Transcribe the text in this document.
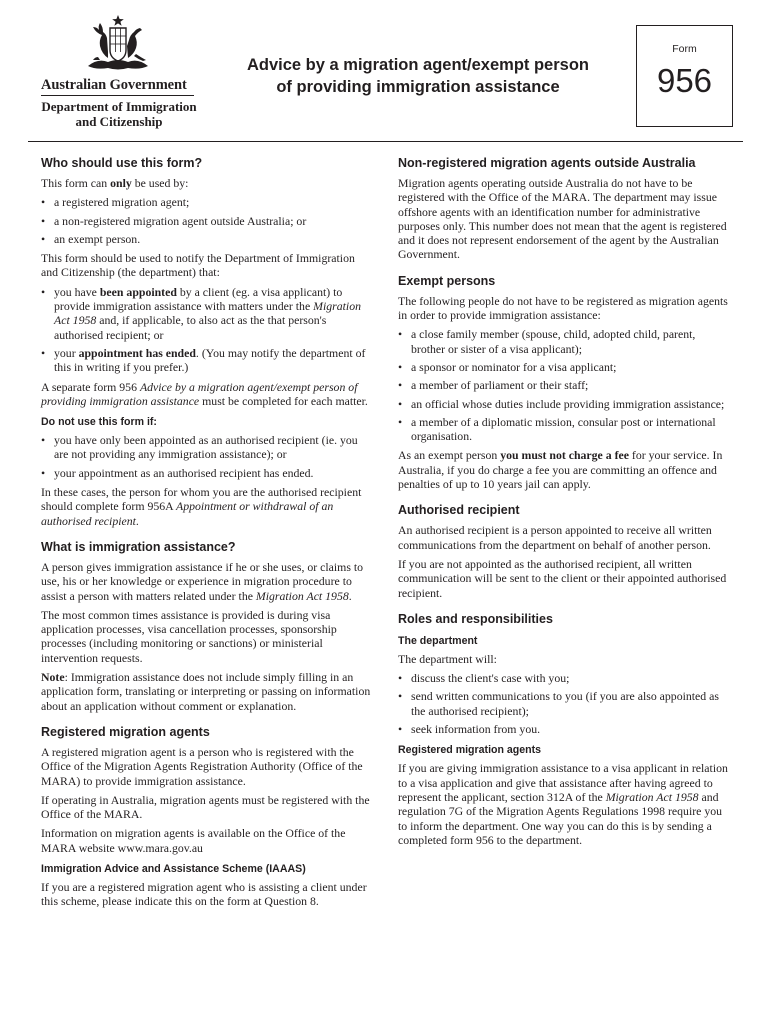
Australian Government
Department of Immigration
and Citizenship
Advice by a migration agent/exempt person
of providing immigration assistance
Form
956
Who should use this form?

This form can only be used by:

• a registered migration agent;
• a non-registered migration agent outside Australia; or
• an exempt person.

This form should be used to notify the Department of Immigration and Citizenship (the department) that:

• you have been appointed by a client (eg. a visa applicant) to provide immigration assistance with matters under the Migration Act 1958 and, if applicable, to also act as the that person's authorised recipient; or
• your appointment has ended. (You may notify the department of this in writing if you prefer.)

A separate form 956 Advice by a migration agent/exempt person of providing immigration assistance must be completed for each matter.

Do not use this form if:
• you have only been appointed as an authorised recipient (ie. you are not providing any immigration assistance); or
• your appointment as an authorised recipient has ended.

In these cases, the person for whom you are the authorised recipient should complete form 956A Appointment or withdrawal of an authorised recipient.

What is immigration assistance?

A person gives immigration assistance if he or she uses, or claims to use, his or her knowledge or experience in migration procedure to assist a person with matters related under the Migration Act 1958.

The most common times assistance is provided is during visa application processes, visa cancellation processes, sponsorship processes (including monitoring or sanctions) or ministerial intervention requests.

Note: Immigration assistance does not include simply filling in an application form, translating or interpreting or passing on information about an application without comment or explanation.

Registered migration agents

A registered migration agent is a person who is registered with the Office of the Migration Agents Registration Authority (Office of the MARA) to provide immigration assistance.

If operating in Australia, migration agents must be registered with the Office of the MARA.

Information on migration agents is available on the Office of the MARA website www.mara.gov.au

Immigration Advice and Assistance Scheme (IAAAS)

If you are a registered migration agent who is assisting a client under this scheme, please indicate this on the form at Question 8.

Non-registered migration agents outside Australia

Migration agents operating outside Australia do not have to be registered with the Office of the MARA. The department may issue offshore agents with an identification number for administrative purposes only. This number does not mean that the agent is registered and it does not represent endorsement of the agent by the Australian Government.

Exempt persons

The following people do not have to be registered as migration agents in order to provide immigration assistance:

• a close family member (spouse, child, adopted child, parent, brother or sister of a visa applicant);
• a sponsor or nominator for a visa applicant;
• a member of parliament or their staff;
• an official whose duties include providing immigration assistance;
• a member of a diplomatic mission, consular post or international organisation.

As an exempt person you must not charge a fee for your service. In Australia, if you do charge a fee you are committing an offence and penalties of up to 10 years jail can apply.

Authorised recipient

An authorised recipient is a person appointed to receive all written communications from the department on behalf of another person.

If you are not appointed as the authorised recipient, all written communication will be sent to the client or their appointed authorised recipient.

Roles and responsibilities
The department

The department will:

• discuss the client's case with you;
• send written communications to you (if you are also appointed as the authorised recipient);
• seek information from you.
Registered migration agents

If you are giving immigration assistance to a visa applicant in relation to a visa application and give that assistance after having agreed to represent the applicant, section 312A of the Migration Act 1958 and regulation 7G of the Migration Agents Regulations 1998 require you to inform the department. One way you can do this is by sending a completed form 956 to the department.
